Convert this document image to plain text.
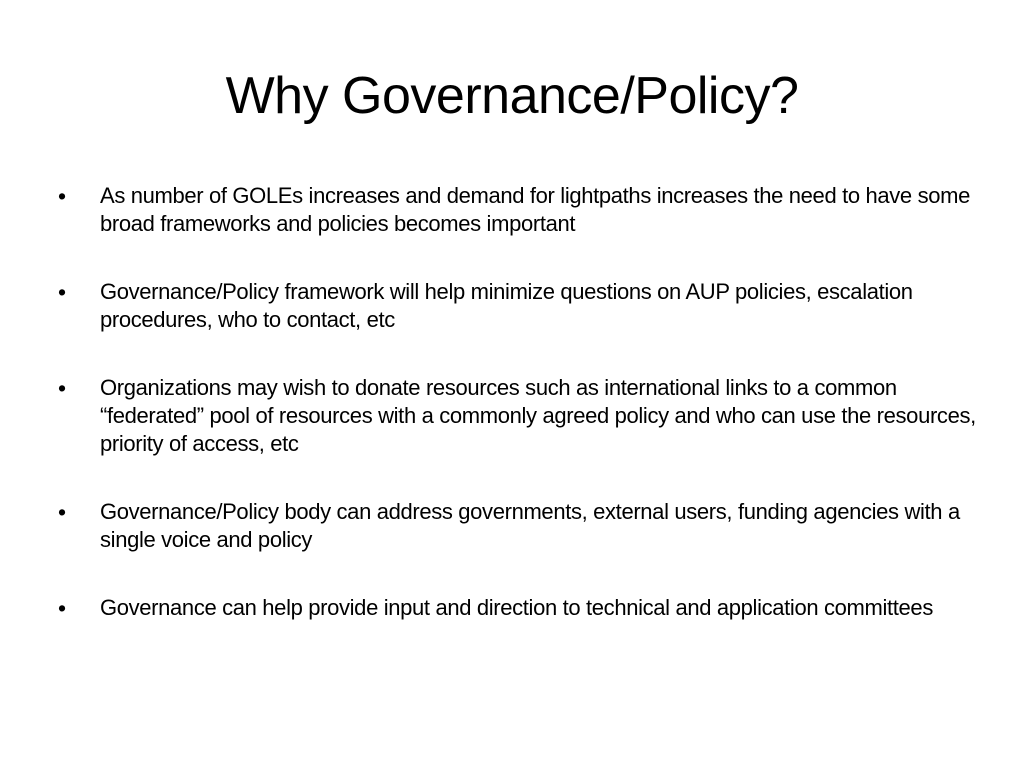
Why Governance/Policy?
•	As number of GOLEs increases and demand for lightpaths increases the need to have some broad frameworks and policies becomes important
•	Governance/Policy framework will help minimize questions on AUP policies, escalation procedures, who to contact, etc
•	Organizations may wish to donate resources such as international links to a common “federated” pool of resources with a commonly agreed policy and who can use the resources, priority of access, etc
•	Governance/Policy body can address governments, external users, funding agencies with a single voice and policy
•	Governance can help provide input and direction to technical and application committees
